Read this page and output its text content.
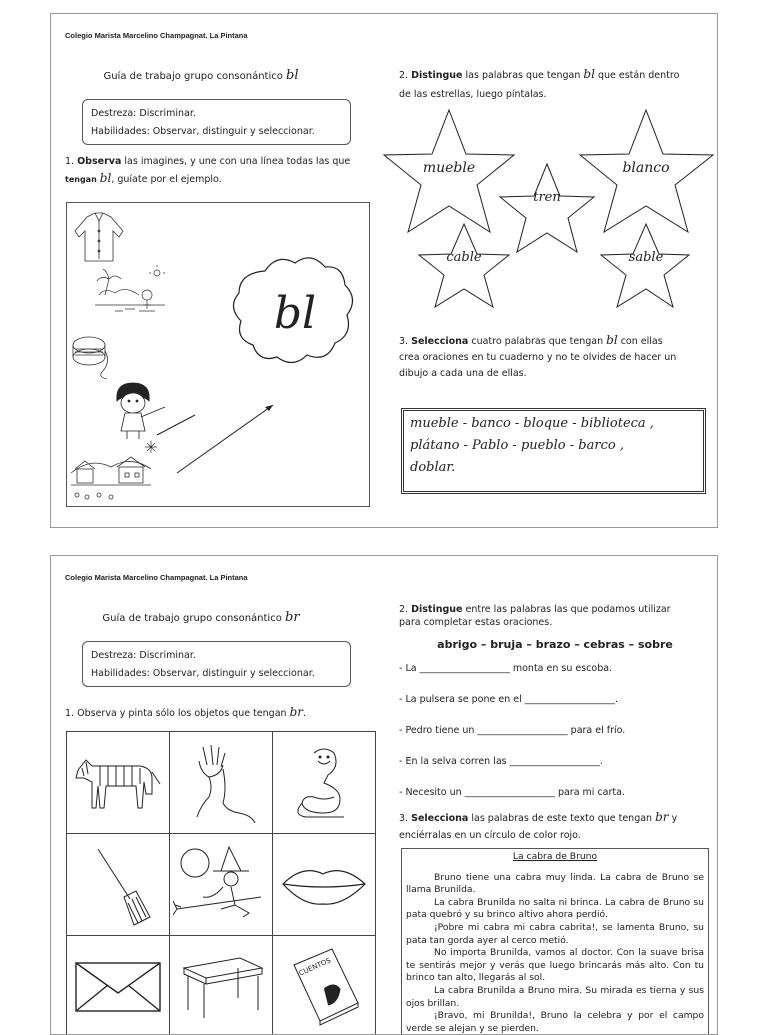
Colegio Marista Marcelino Champagnat. La Pintana
Guía de trabajo grupo consonántico bl
Destreza: Discriminar.
Habilidades: Observar, distinguir y seleccionar.
1. Observa las imagines, y une con una línea todas las que
tengan bl, guíate por el ejemplo.
bl
2. Distingue las palabras que tengan bl que están dentro
de las estrellas, luego píntalas.
mueble	blanco
tren
cable	sable
3. Selecciona cuatro palabras que tengan bl con ellas
crea oraciones en tu cuaderno y no te olvides de hacer un
dibujo a cada una de ellas.
mueble - banco - bloque - biblioteca ,
plátano - Pablo - pueblo - barco ,
doblar.
Colegio Marista Marcelino Champagnat. La Pintana
Guía de trabajo grupo consonántico br
Destreza: Discriminar.
Habilidades: Observar, distinguir y seleccionar.
1. Observa y pinta sólo los objetos que tengan br.

CUENTOS
2. Distingue entre las palabras las que podamos utilizar
para completar estas oraciones.
abrigo – bruja – brazo – cebras – sobre
- La ___________________ monta en su escoba.
- La pulsera se pone en el ___________________.
- Pedro tiene un ___________________ para el frío.
- En la selva corren las ___________________.
- Necesito un ___________________ para mi carta.
3. Selecciona las palabras de este texto que tengan br y
enciérralas en un círculo de color rojo.
La cabra de Bruno

Bruno tiene una cabra muy linda. La cabra de Bruno se llama Brunilda.

La cabra Brunilda no salta ni brinca. La cabra de Bruno su pata quebró y su brinco altivo ahora perdió.

¡Pobre mi cabra mi cabra cabrita!, se lamenta Bruno, su pata tan gorda ayer al cerco metió.

No importa Brunilda, vamos al doctor. Con la suave brisa te sentirás mejor y verás que luego brincarás más alto. Con tu brinco tan alto, llegarás al sol.

La cabra Brunilda a Bruno mira. Su mirada es tierna y sus ojos brillan.

¡Bravo, mi Brunilda!, Bruno la celebra y por el campo verde se alejan y se pierden.
